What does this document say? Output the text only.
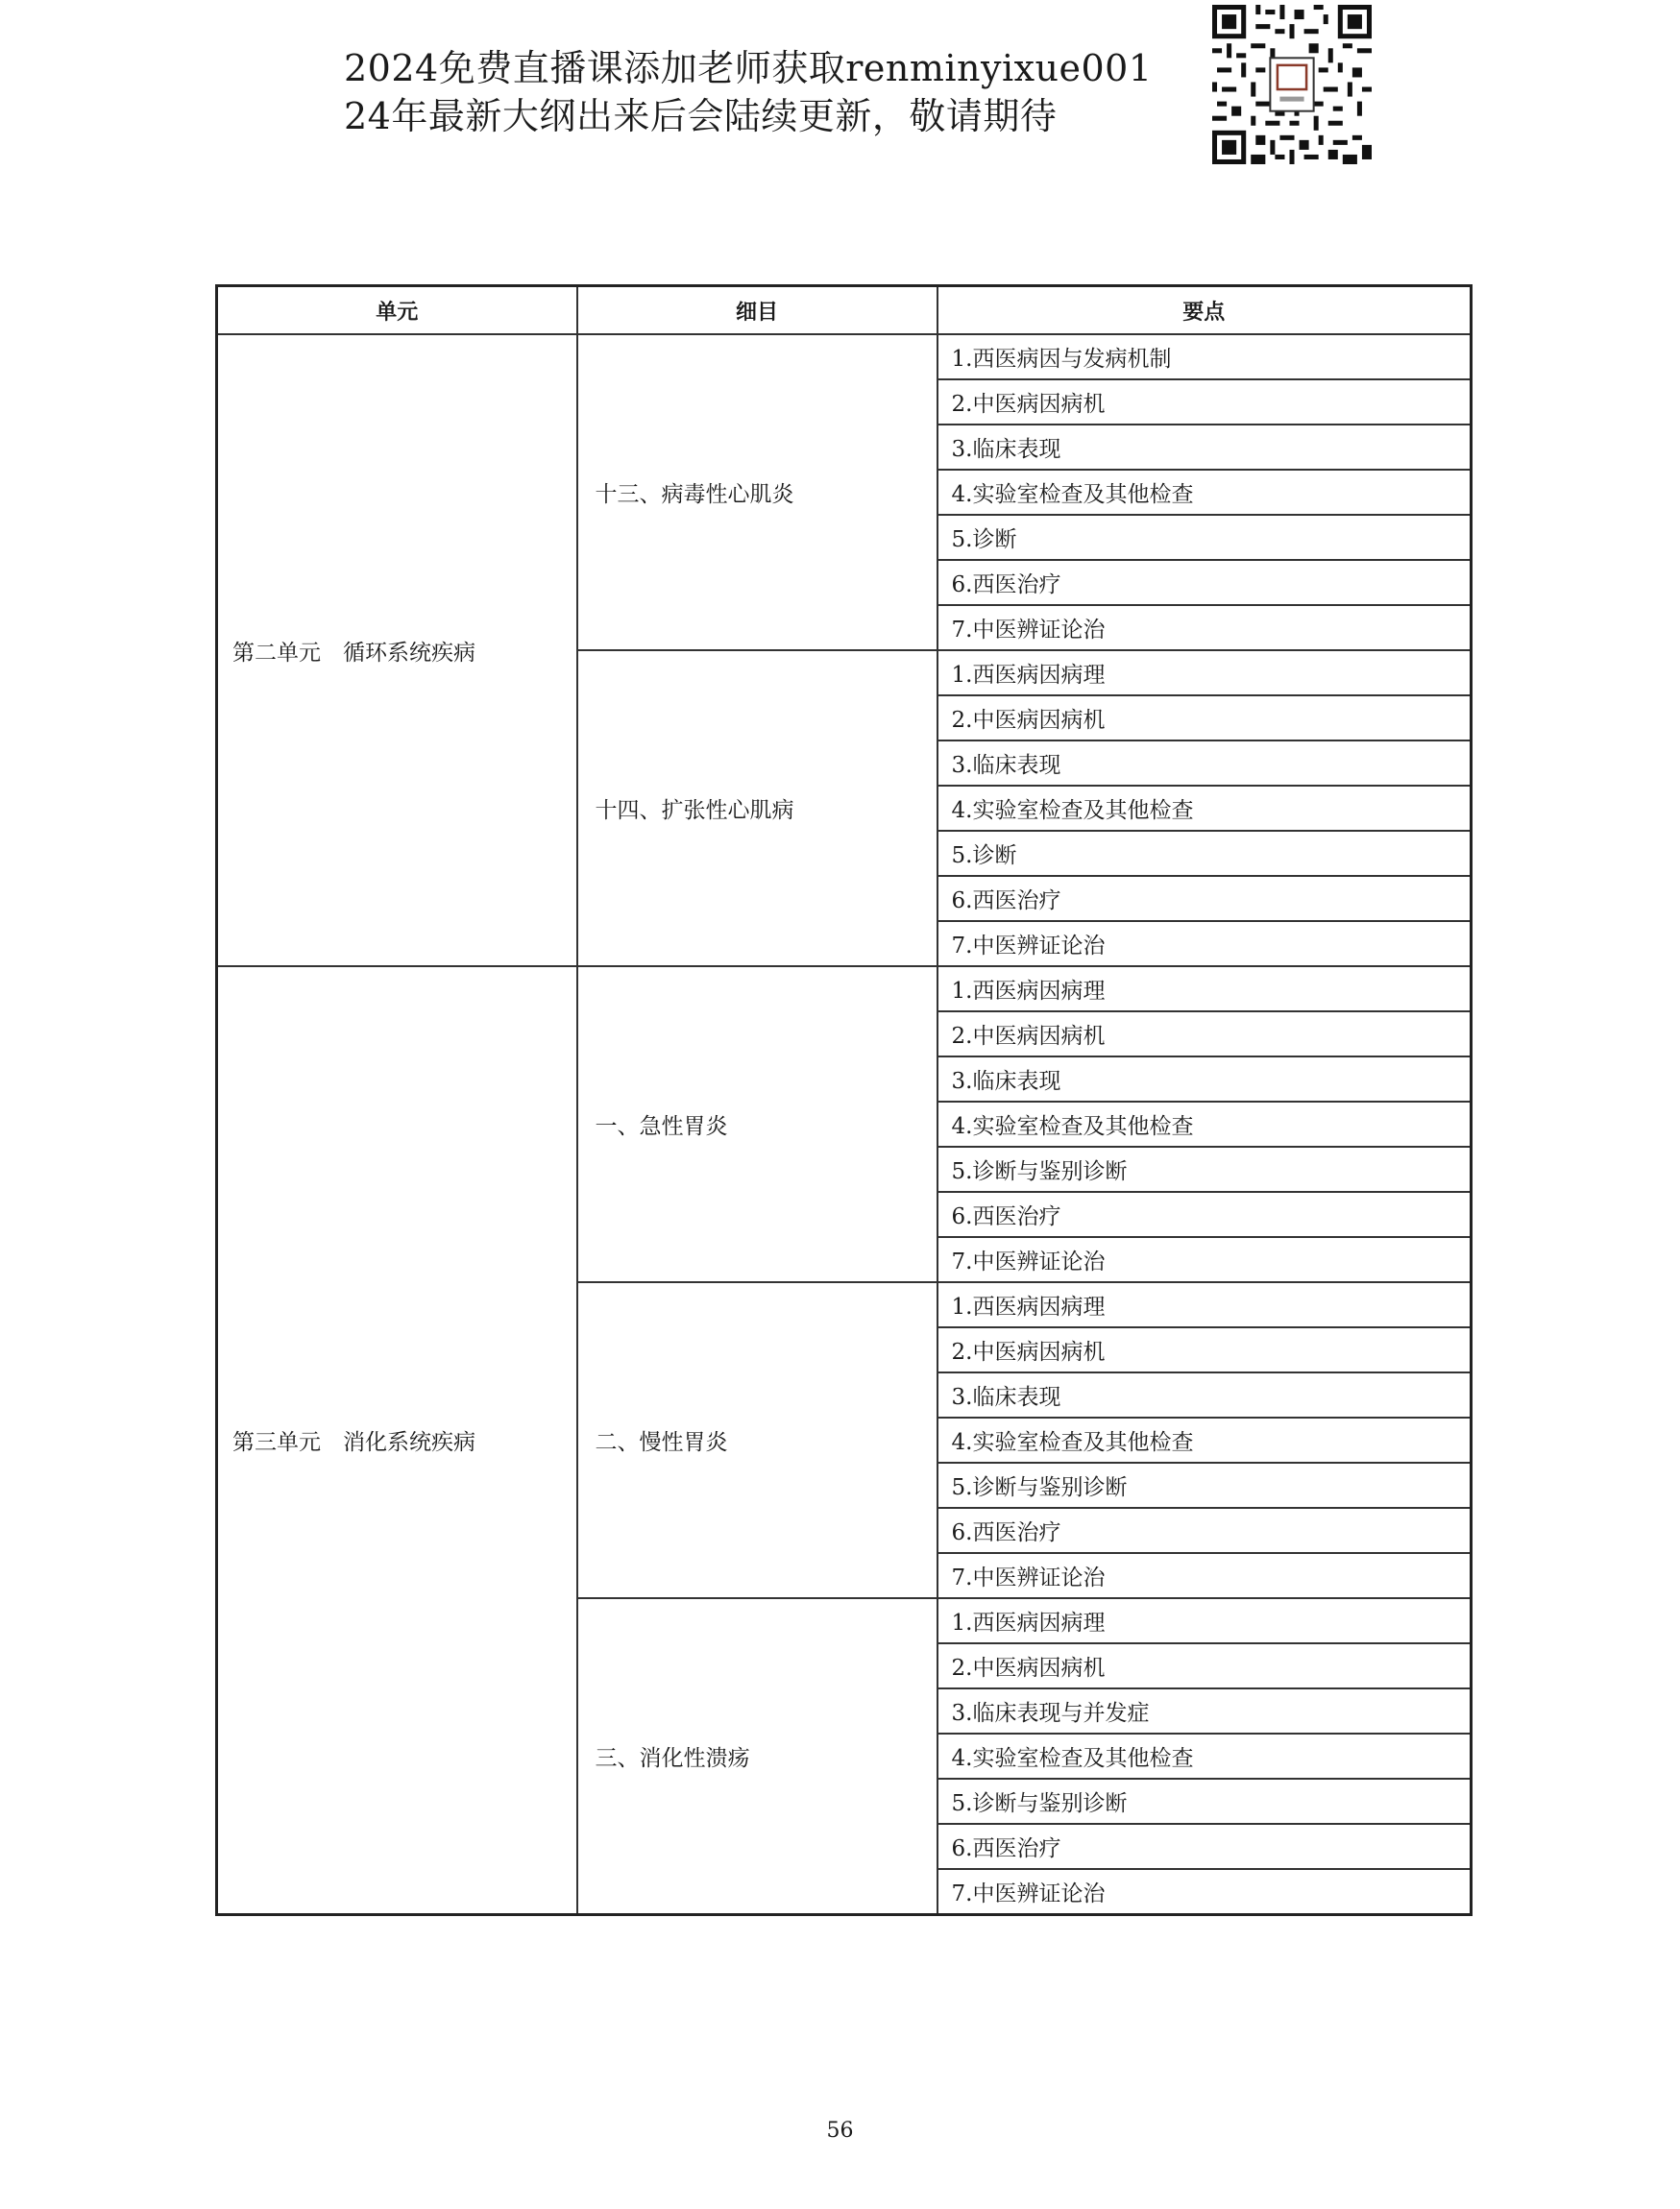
2024免费直播课添加老师获取renminyixue001
24年最新大纲出来后会陆续更新，敬请期待
单元	细目	要点
第二单元　循环系统疾病	十三、病毒性心肌炎	1.西医病因与发病机制
		2.中医病因病机
		3.临床表现
		4.实验室检查及其他检查
		5.诊断
		6.西医治疗
		7.中医辨证论治
	十四、扩张性心肌病	1.西医病因病理
		2.中医病因病机
		3.临床表现
		4.实验室检查及其他检查
		5.诊断
		6.西医治疗
		7.中医辨证论治
第三单元　消化系统疾病	一、急性胃炎	1.西医病因病理
		2.中医病因病机
		3.临床表现
		4.实验室检查及其他检查
		5.诊断与鉴别诊断
		6.西医治疗
		7.中医辨证论治
	二、慢性胃炎	1.西医病因病理
		2.中医病因病机
		3.临床表现
		4.实验室检查及其他检查
		5.诊断与鉴别诊断
		6.西医治疗
		7.中医辨证论治
	三、消化性溃疡	1.西医病因病理
		2.中医病因病机
		3.临床表现与并发症
		4.实验室检查及其他检查
		5.诊断与鉴别诊断
		6.西医治疗
		7.中医辨证论治
56
